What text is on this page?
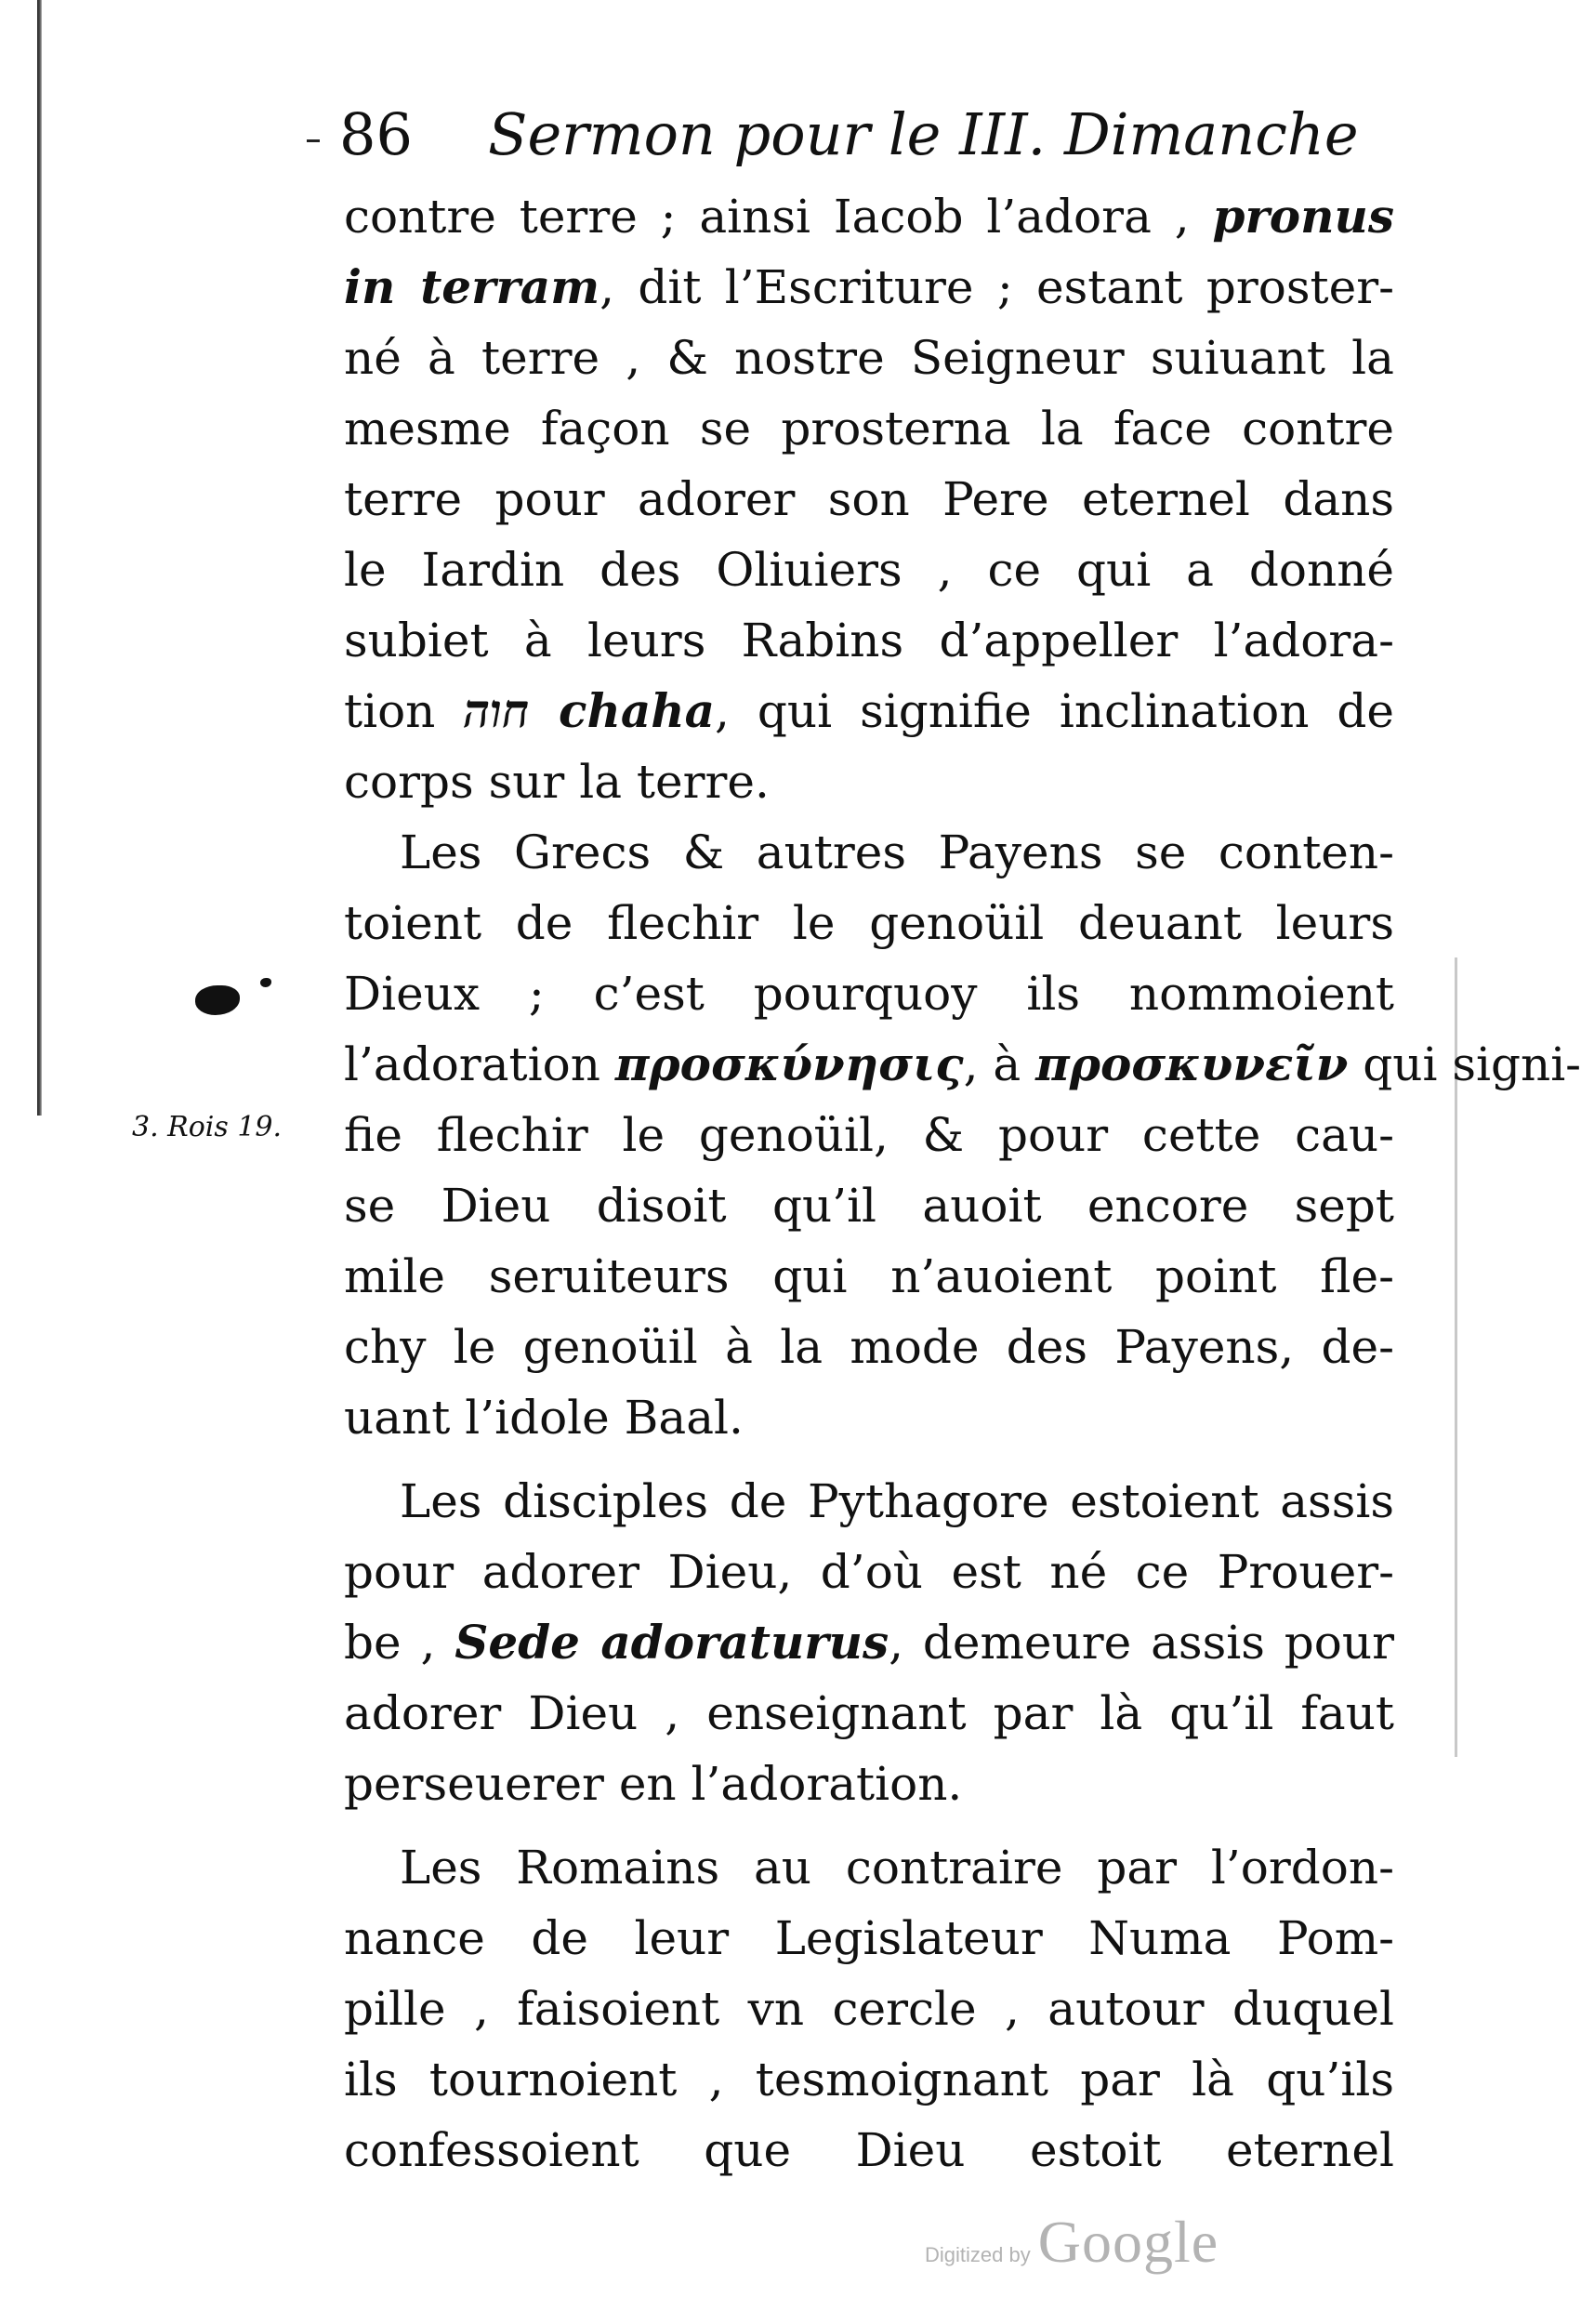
3. Rois 19.
86	Sermon pour le III. Dimanche
contre terre ; ainsi Iacob l’adora , pronus
in terram, dit l’Escriture ; estant proster-
né à terre , & nostre Seigneur suiuant la
mesme façon se prosterna la face contre
terre pour adorer son Pere eternel dans
le Iardin des Oliuiers , ce qui a donné
subiet à leurs Rabins d’appeller l’adora-
tion חוה chaha, qui signifie inclination de
corps sur la terre.
Les Grecs & autres Payens se conten-
toient de flechir le genoüil deuant leurs
Dieux ; c’est pourquoy ils nommoient
l’adoration προσκύνησις, à προσκυνεῖν qui signi-
fie flechir le genoüil, & pour cette cau-
se Dieu disoit qu’il auoit encore sept
mile seruiteurs qui n’auoient point fle-
chy le genoüil à la mode des Payens, de-
uant l’idole Baal.
Les disciples de Pythagore estoient assis
pour adorer Dieu, d’où est né ce Prouer-
be , Sede adoraturus, demeure assis pour
adorer Dieu , enseignant par là qu’il faut
perseuerer en l’adoration.
Les Romains au contraire par l’ordon-
nance de leur Legislateur Numa Pom-
pille , faisoient vn cercle , autour duquel
ils tournoient , tesmoignant par là qu’ils
confessoient que Dieu estoit eternel
Digitized by Google
